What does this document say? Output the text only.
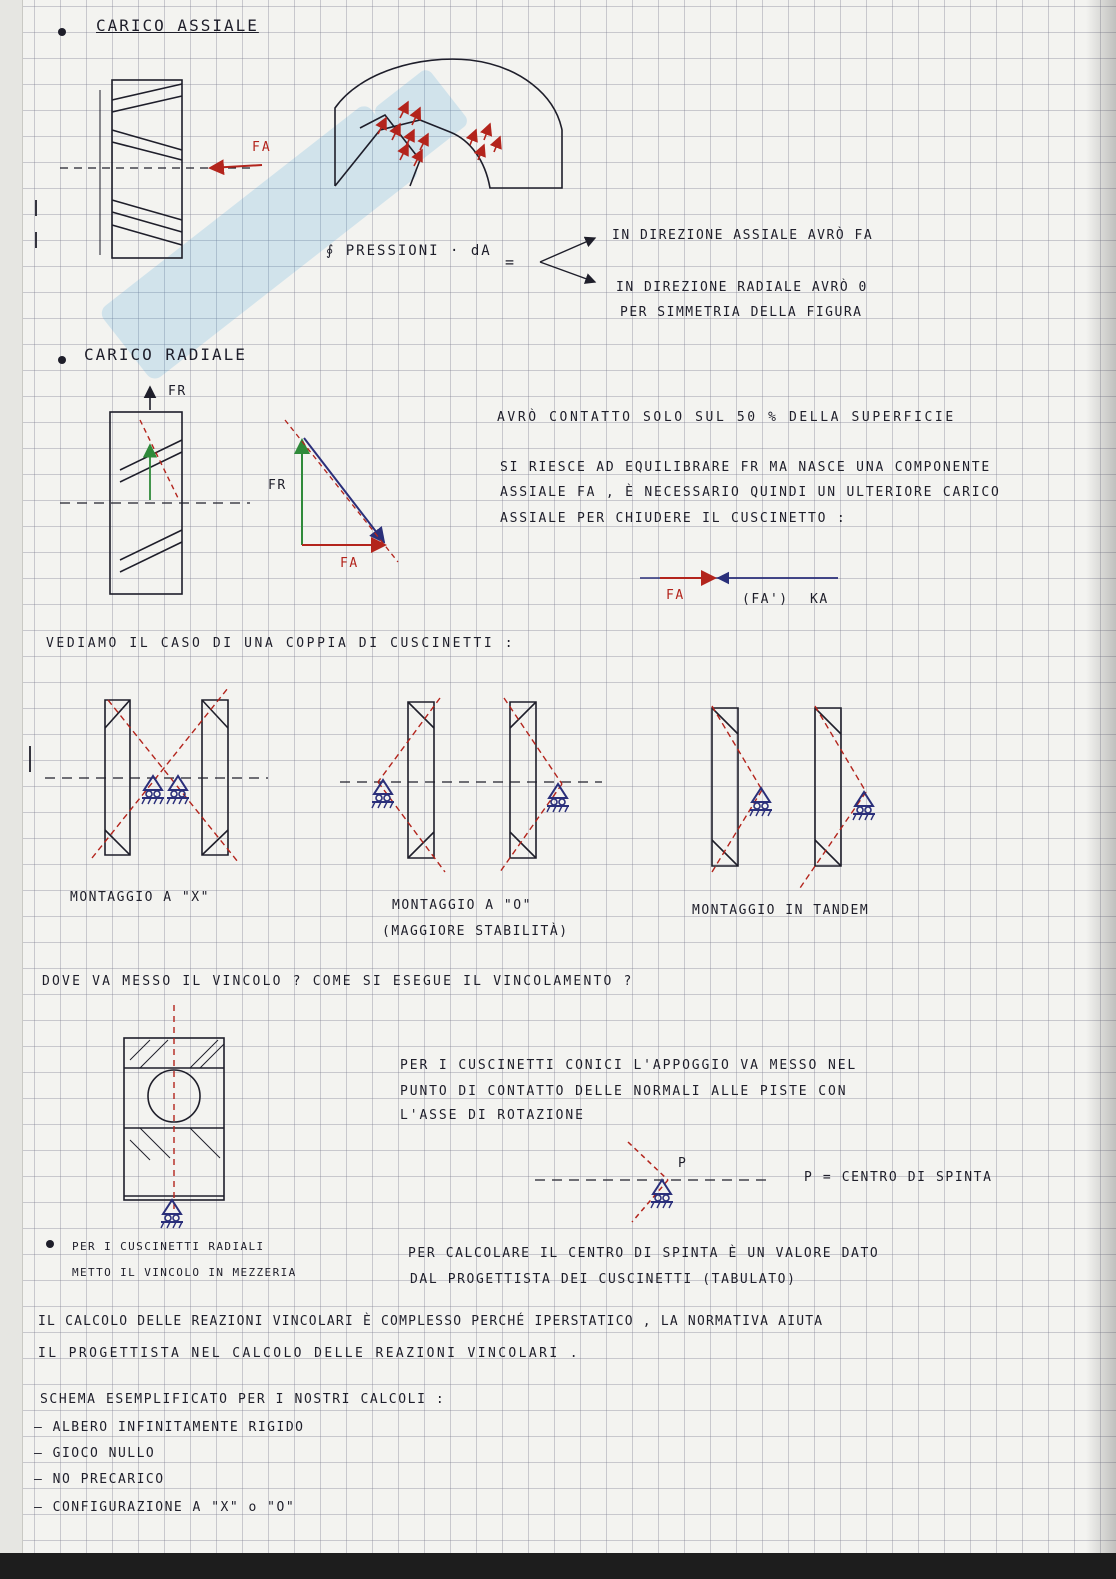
CARICO ASSIALE
FA
∮ PRESSIONI · dA
=
IN DIREZIONE ASSIALE AVRÒ FA
IN DIREZIONE RADIALE AVRÒ 0
PER SIMMETRIA DELLA FIGURA
CARICO RADIALE
FR
FR
FA
AVRÒ CONTATTO SOLO SUL 50 % DELLA SUPERFICIE
SI RIESCE AD EQUILIBRARE FR MA NASCE UNA COMPONENTE
ASSIALE FA , È NECESSARIO QUINDI UN ULTERIORE CARICO
ASSIALE PER CHIUDERE IL CUSCINETTO :
FA	(FA') KA
VEDIAMO IL CASO DI UNA COPPIA DI CUSCINETTI :
MONTAGGIO A "X"
MONTAGGIO A "O"
(MAGGIORE STABILITÀ)
MONTAGGIO IN TANDEM
DOVE VA MESSO IL VINCOLO ? COME SI ESEGUE IL VINCOLAMENTO ?
PER I CUSCINETTI CONICI L'APPOGGIO VA MESSO NEL
PUNTO DI CONTATTO DELLE NORMALI ALLE PISTE CON
L'ASSE DI ROTAZIONE
P
P = CENTRO DI SPINTA
PER I CUSCINETTI RADIALI
METTO IL VINCOLO IN MEZZERIA
PER CALCOLARE IL CENTRO DI SPINTA È UN VALORE DATO
DAL PROGETTISTA DEI CUSCINETTI (TABULATO)
IL CALCOLO DELLE REAZIONI VINCOLARI È COMPLESSO PERCHÉ IPERSTATICO , LA NORMATIVA AIUTA
IL PROGETTISTA NEL CALCOLO DELLE REAZIONI VINCOLARI .
SCHEMA ESEMPLIFICATO PER I NOSTRI CALCOLI :
– ALBERO INFINITAMENTE RIGIDO
– GIOCO NULLO
– NO PRECARICO
– CONFIGURAZIONE A "X" o "O"
